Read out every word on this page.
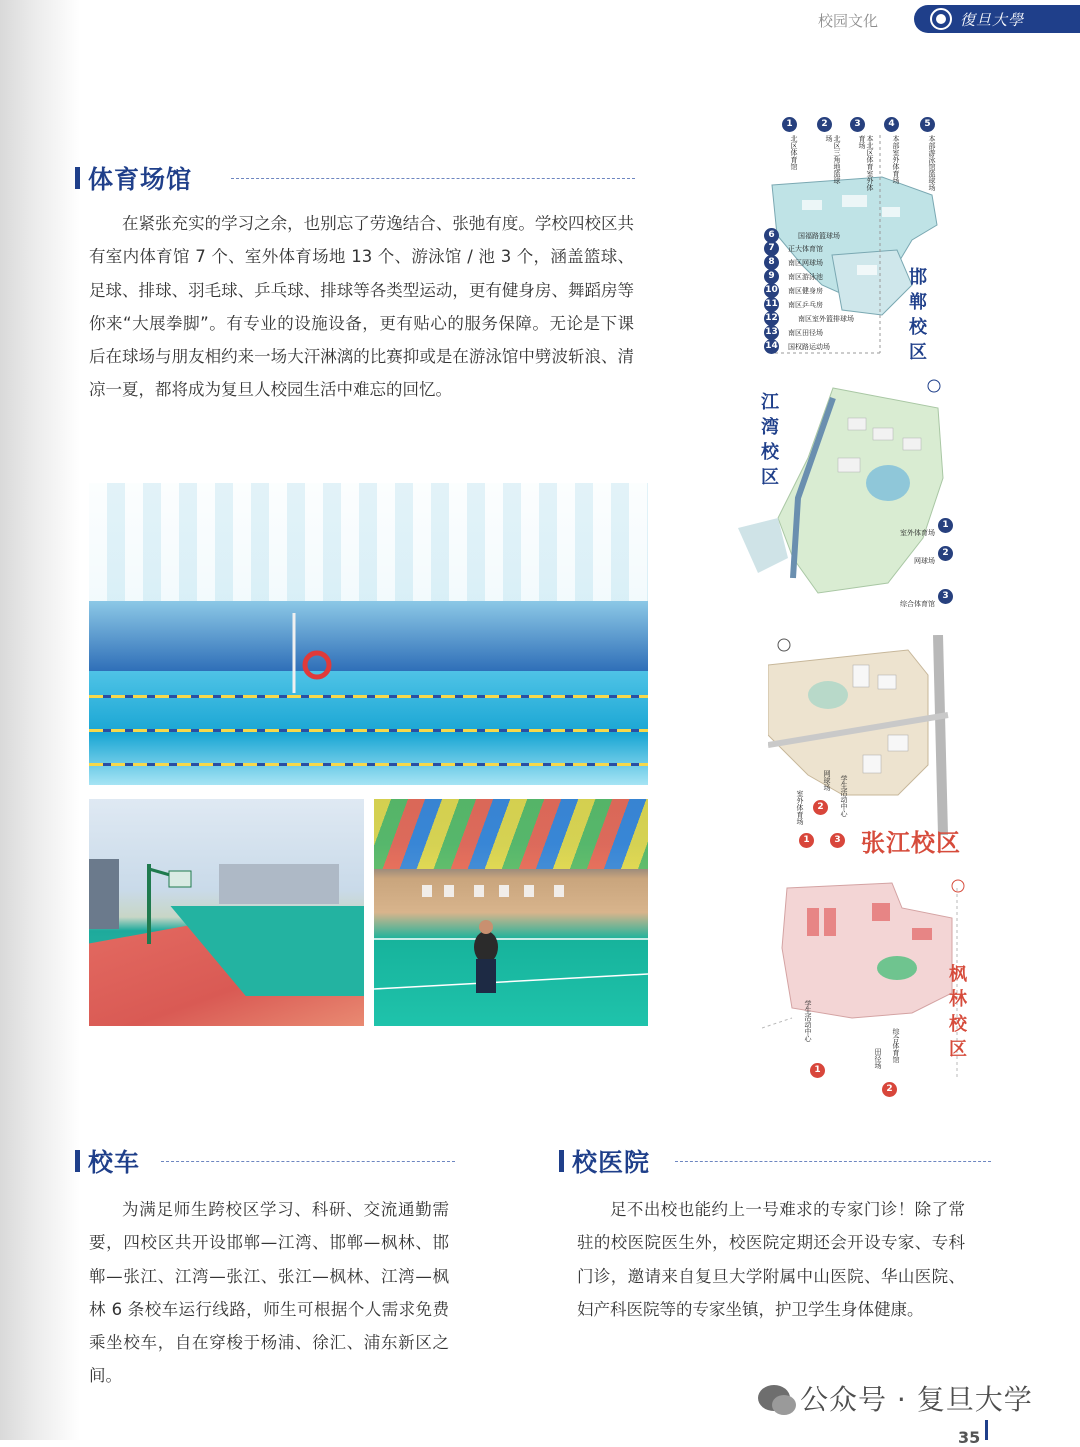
校园文化	復旦大學
体育场馆

在紧张充实的学习之余，也别忘了劳逸结合、张弛有度。学校四校区共有室内体育馆 7 个、室外体育场地 13 个、游泳馆 / 池 3 个，涵盖篮球、足球、排球、羽毛球、乒乓球、排球等各类型运动，更有健身房、舞蹈房等你来“大展拳脚”。有专业的设施设备，更有贴心的服务保障。无论是下课后在球场与朋友相约来一场大汗淋漓的比赛抑或是在游泳馆中劈波斩浪、清凉一夏，都将成为复旦人校园生活中难忘的回忆。

1	2	3	4	5
北区体育馆	北区三角地篮球场	本北区体育室外体育场	本部室外体育场	本部游泳馆篮球场
6	国福路篮球场
7	正大体育馆
8	南区网球场
9	南区游泳池
10 南区健身房
11 南区乒乓房
12	南区室外篮排球场
13 南区田径场
14 国权路运动场
邯郸校区
江湾校区
室外体育场
1
网球场
2
综合体育馆
3
室外体育场
1
网球场
2	学生活动中心
3 张江校区
学生活动中心
1
田径场 综合体育馆
2
枫林校区
校车

为满足师生跨校区学习、科研、交流通勤需要，四校区共开设邯郸—江湾、邯郸—枫林、邯郸—张江、江湾—张江、张江—枫林、江湾—枫林 6 条校车运行线路，师生可根据个人需求免费乘坐校车，自在穿梭于杨浦、徐汇、浦东新区之间。

校医院

足不出校也能约上一号难求的专家门诊！除了常驻的校医院医生外，校医院定期还会开设专家、专科门诊，邀请来自复旦大学附属中山医院、华山医院、妇产科医院等的专家坐镇，护卫学生身体健康。

公众号 · 复旦大学
35
